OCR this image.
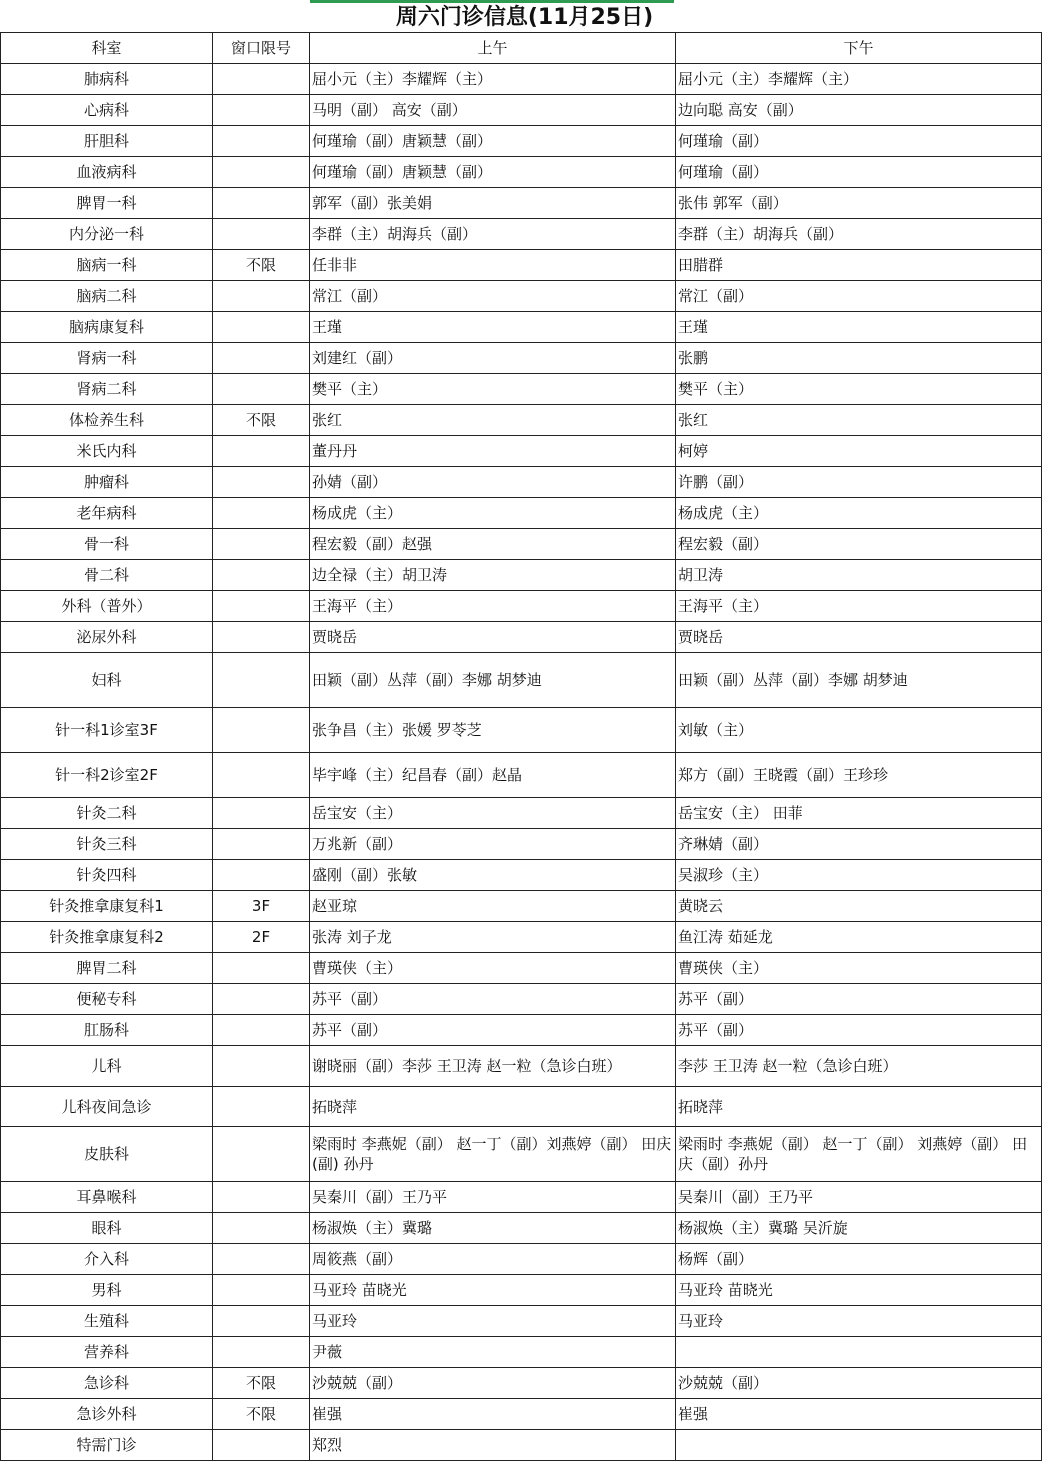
周六门诊信息(11月25日)
科室	窗口限号	上午	下午
肺病科		屈小元（主）李耀辉（主）	屈小元（主）李耀辉（主）
心病科		马明（副） 高安（副）	边向聪 高安（副）
肝胆科		何瑾瑜（副）唐颖慧（副）	何瑾瑜（副）
血液病科		何瑾瑜（副）唐颖慧（副）	何瑾瑜（副）
脾胃一科		郭军（副）张美娟	张伟 郭军（副）
内分泌一科		李群（主）胡海兵（副）	李群（主）胡海兵（副）
脑病一科	不限	任非非	田腊群
脑病二科		常江（副）	常江（副）
脑病康复科		王瑾	王瑾
肾病一科		刘建红（副）	张鹏
肾病二科		樊平（主）	樊平（主）
体检养生科	不限	张红	张红
米氏内科		董丹丹	柯婷
肿瘤科		孙婧（副）	许鹏（副）
老年病科		杨成虎（主）	杨成虎（主）
骨一科		程宏毅（副）赵强	程宏毅（副）
骨二科		边全禄（主）胡卫涛	胡卫涛
外科（普外）		王海平（主）	王海平（主）
泌尿外科		贾晓岳	贾晓岳
妇科		田颖（副）丛萍（副）李娜 胡梦迪	田颖（副）丛萍（副）李娜 胡梦迪
针一科1诊室3F		张争昌（主）张媛 罗苓芝	刘敏（主）
针一科2诊室2F		毕宇峰（主）纪昌春（副）赵晶	郑方（副）王晓霞（副）王珍珍
针灸二科		岳宝安（主）	岳宝安（主） 田菲
针灸三科		万兆新（副）	齐琳婧（副）
针灸四科		盛刚（副）张敏	吴淑珍（主）
针灸推拿康复科1	3F	赵亚琼	黄晓云
针灸推拿康复科2	2F	张涛 刘子龙	鱼江涛 茹延龙
脾胃二科		曹瑛侠（主）	曹瑛侠（主）
便秘专科		苏平（副）	苏平（副）
肛肠科		苏平（副）	苏平（副）
儿科		谢晓丽（副）李莎 王卫涛 赵一粒（急诊白班）	李莎 王卫涛 赵一粒（急诊白班）
儿科夜间急诊		拓晓萍	拓晓萍
皮肤科		梁雨时 李燕妮（副） 赵一丁（副）刘燕婷（副） 田庆(副) 孙丹	梁雨时 李燕妮（副） 赵一丁（副） 刘燕婷（副） 田庆（副）孙丹
耳鼻喉科		吴秦川（副）王乃平	吴秦川（副）王乃平
眼科		杨淑焕（主）冀璐	杨淑焕（主）冀璐 吴沂旋
介入科		周筱燕（副）	杨辉（副）
男科		马亚玲 苗晓光	马亚玲 苗晓光
生殖科		马亚玲	马亚玲
营养科		尹薇	
急诊科	不限	沙兢兢（副）	沙兢兢（副）
急诊外科	不限	崔强	崔强
特需门诊		郑烈	
